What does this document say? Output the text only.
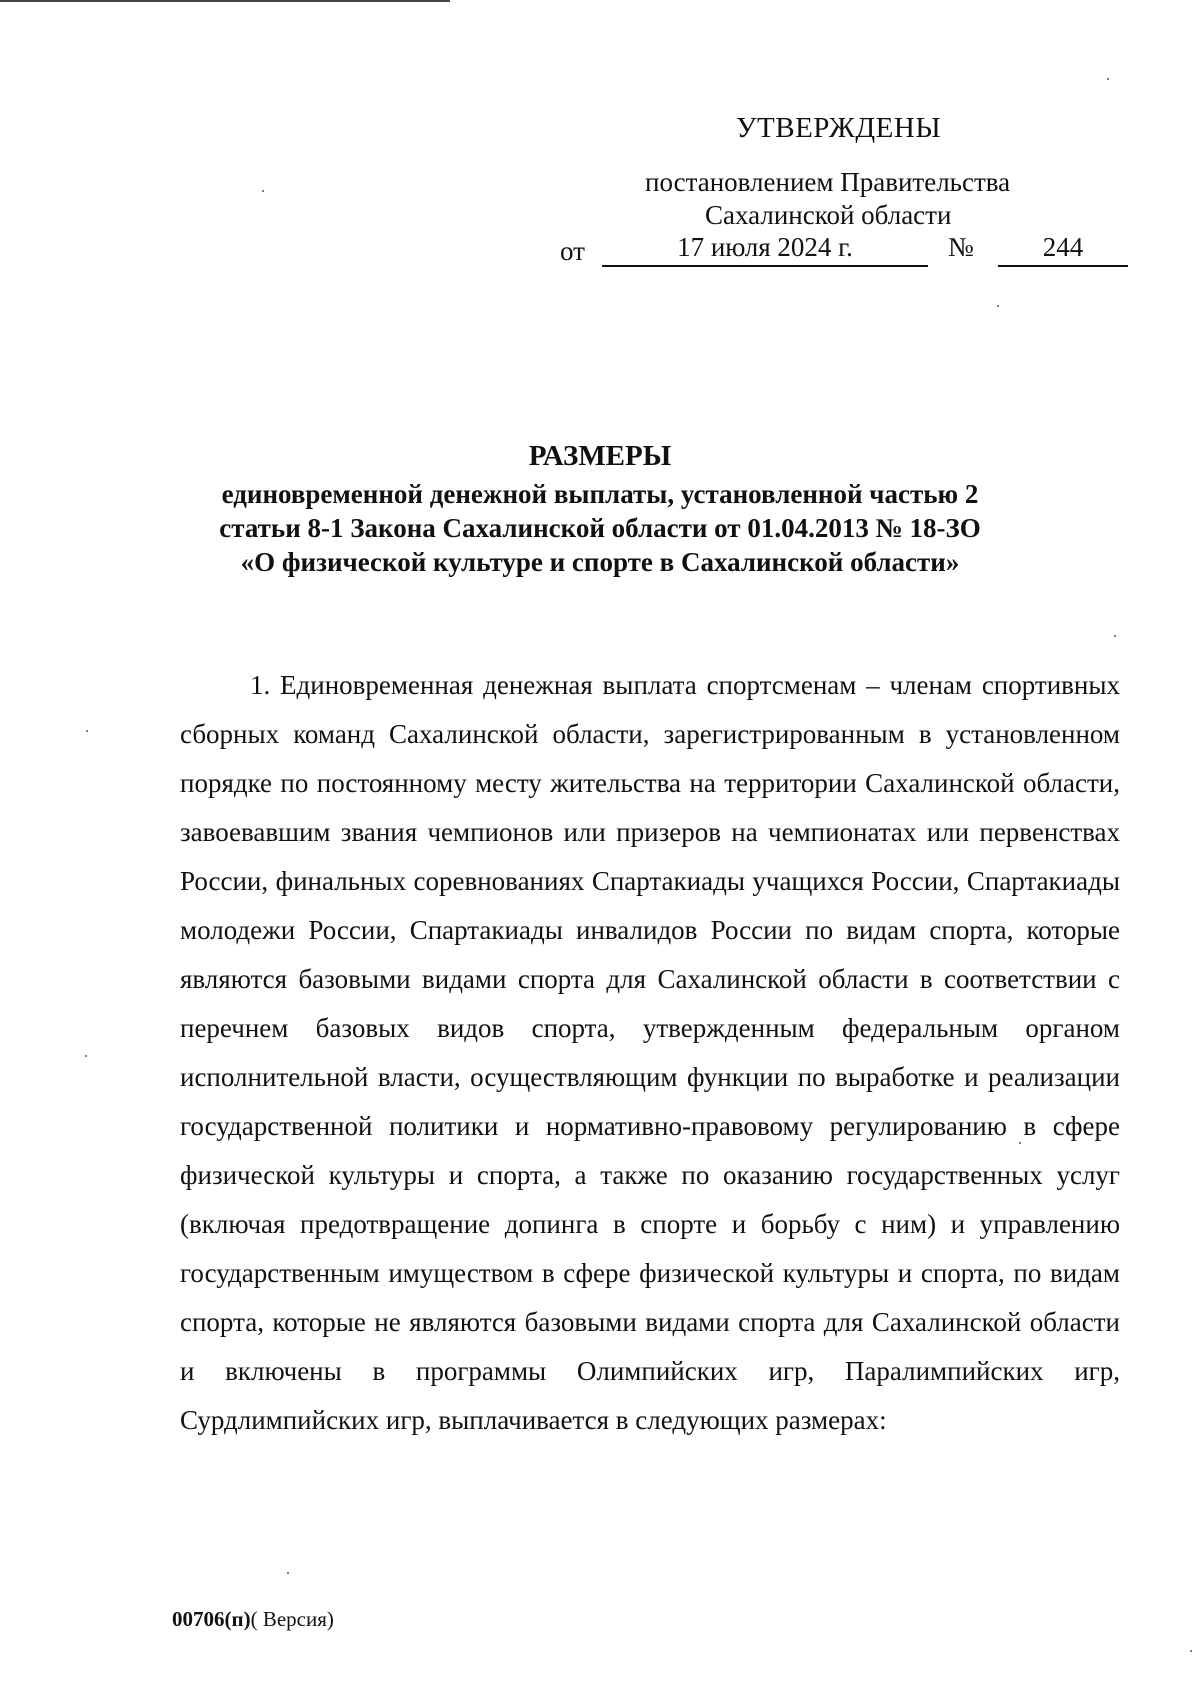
УТВЕРЖДЕНЫ
постановлением Правительства
Сахалинской области
от	17 июля 2024 г.	№	244
РАЗМЕРЫ
единовременной денежной выплаты, установленной частью 2
статьи 8-1 Закона Сахалинской области от 01.04.2013 № 18-ЗО
«О физической культуре и спорте в Сахалинской области»

1. Единовременная денежная выплата спортсменам – членам спортивных сборных команд Сахалинской области, зарегистрированным в установленном порядке по постоянному месту жительства на территории Сахалинской области, завоевавшим звания чемпионов или призеров на чемпионатах или первенствах России, финальных соревнованиях Спартакиады учащихся России, Спартакиады молодежи России, Спартакиады инвалидов России по видам спорта, которые являются базовыми видами спорта для Сахалинской области в соответствии с перечнем базовых видов спорта, утвержденным федеральным органом исполнительной власти, осуществляющим функции по выработке и реализации государственной политики и нормативно-правовому регулированию в сфере физической культуры и спорта, а также по оказанию государственных услуг (включая предотвращение допинга в спорте и борьбу с ним) и управлению государственным имуществом в сфере физической культуры и спорта, по видам спорта, которые не являются базовыми видами спорта для Сахалинской области и включены в программы Олимпийских игр, Паралимпийских игр, Сурдлимпийских игр, выплачивается в следующих размерах:

00706(п)( Версия)
